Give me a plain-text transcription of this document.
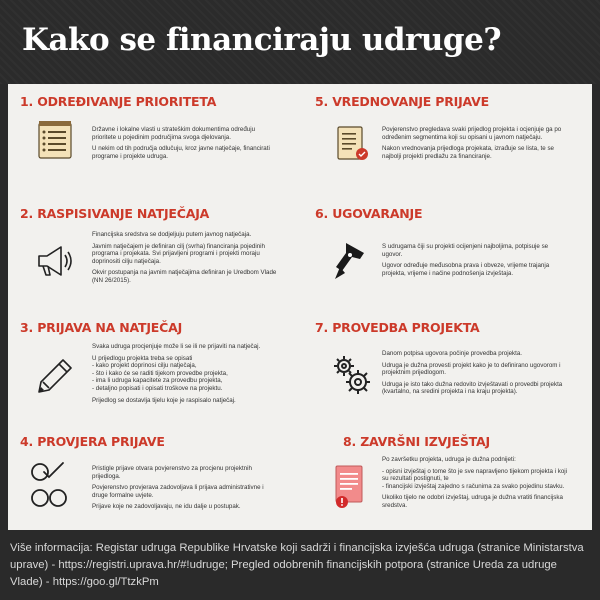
Kako se financiraju udruge?
1. ODREĐIVANJE PRIORITETA

Državne i lokalne vlasti u strateškim dokumentima određuju prioritete u pojedinim područjima svoga djelovanja.

U nekim od tih područja odlučuju, kroz javne natječaje, financirati programe i projekte udruga.

2. RASPISIVANJE NATJEČAJA

Financijska sredstva se dodjeljuju putem javnog natječaja.

Javnim natječajem je definiran cilj (svrha) financiranja pojedinih programa i projekata. Svi prijavljeni programi i projekti moraju doprinositi cilju natječaja.

Okvir postupanja na javnim natječajima definiran je Uredbom Vlade (NN 26/2015).

3. PRIJAVA NA NATJEČAJ

Svaka udruga procjenjuje može li se ili ne prijaviti na natječaj.

U prijedlogu projekta treba se opisati
- kako projekt doprinosi cilju natječaja,
- što i kako će se raditi tijekom provedbe projekta,
- ima li udruga kapacitete za provedbu projekta,
- detaljno popisati i opisati troškove na projektu.

Prijedlog se dostavlja tijelu koje je raspisalo natječaj.

4. PROVJERA PRIJAVE

Pristigle prijave otvara povjerenstvo za procjenu projektnih prijedloga.

Povjerenstvo provjerava zadovoljava li prijava administrativne i druge formalne uvjete.

Prijave koje ne zadovoljavaju, ne idu dalje u postupak.

5. VREDNOVANJE PRIJAVE

Povjerenstvo pregledava svaki prijedlog projekta i ocjenjuje ga po određenim segmentima koji su opisani u javnom natječaju.

Nakon vrednovanja prijedloga projekata, izrađuje se lista, te se najbolji projekti predlažu za financiranje.

6. UGOVARANJE

S udrugama čiji su projekti ocijenjeni najboljima, potpisuje se ugovor.

Ugovor određuje međusobna prava i obveze, vrijeme trajanja projekta, vrijeme i načine podnošenja izvještaja.

7. PROVEDBA PROJEKTA

Danom potpisa ugovora počinje provedba projekta.

Udruga je dužna provesti projekt kako je to definirano ugovorom i projektnim prijedlogom.

Udruga je isto tako dužna redovito izvještavati o provedbi projekta (kvartalno, na sredini projekta i na kraju projekta).

8. ZAVRŠNI IZVJEŠTAJ

Po završetku projekta, udruga je dužna podnijeti:

- opisni izvještaj o tome što je sve napravljeno tijekom projekta i koji su rezultati postignuti, te
- financijski izvještaj zajedno s računima za svako pojedinu stavku.

Ukoliko tijelo ne odobri izvještaj, udruga je dužna vratiti financijska sredstva.

Više informacija: Registar udruga Republike Hrvatske koji sadrži i financijska izvješća udruga (stranice Ministarstva uprave) - https://registri.uprava.hr/#!udruge; Pregled odobrenih financijskih potpora (stranice Ureda za udruge Vlade) - https://goo.gl/TtzkPm
